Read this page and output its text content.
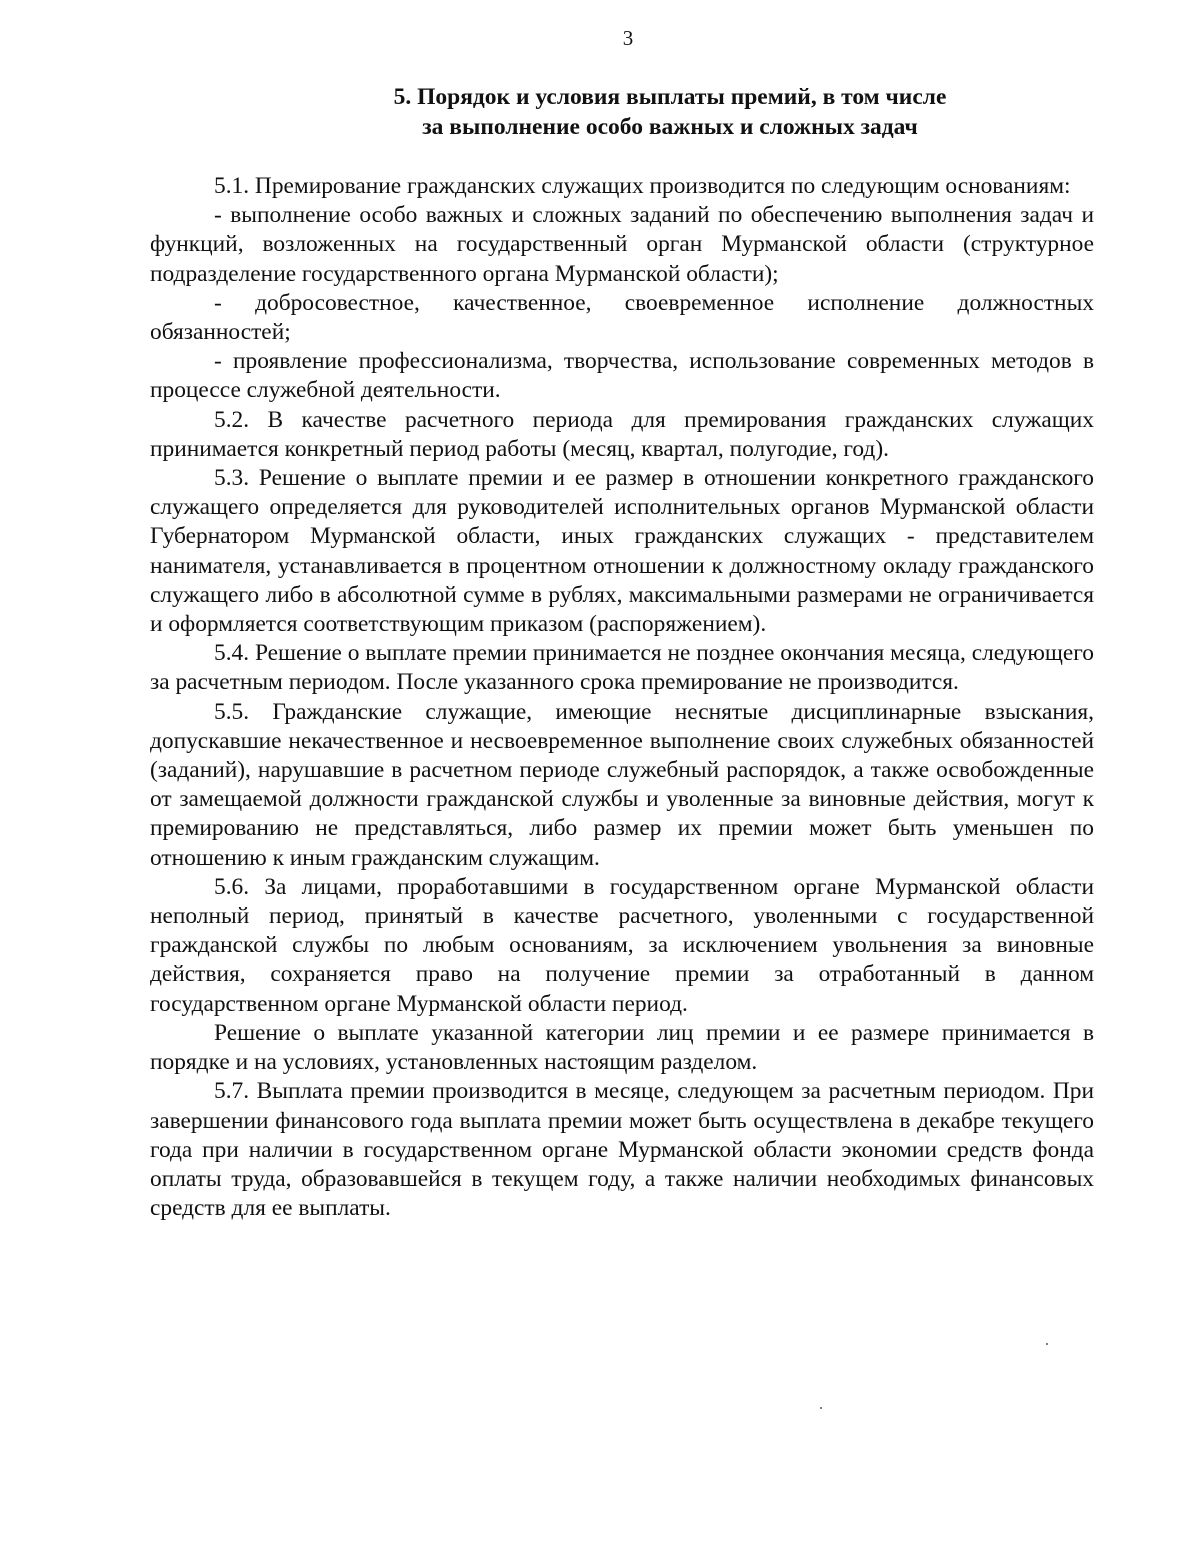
3
5. Порядок и условия выплаты премий, в том числе
за выполнение особо важных и сложных задач

5.1. Премирование гражданских служащих производится по следующим основаниям:

- выполнение особо важных и сложных заданий по обеспечению выполнения задач и функций, возложенных на государственный орган Мурманской области (структурное подразделение государственного органа Мурманской области);

- добросовестное, качественное, своевременное исполнение должностных обязанностей;

- проявление профессионализма, творчества, использование современных методов в процессе служебной деятельности.

5.2. В качестве расчетного периода для премирования гражданских служащих принимается конкретный период работы (месяц, квартал, полугодие, год).

5.3. Решение о выплате премии и ее размер в отношении конкретного гражданского служащего определяется для руководителей исполнительных органов Мурманской области Губернатором Мурманской области, иных гражданских служащих - представителем нанимателя, устанавливается в процентном отношении к должностному окладу гражданского служащего либо в абсолютной сумме в рублях, максимальными размерами не ограничивается и оформляется соответствующим приказом (распоряжением).

5.4. Решение о выплате премии принимается не позднее окончания месяца, следующего за расчетным периодом. После указанного срока премирование не производится.

5.5. Гражданские служащие, имеющие неснятые дисциплинарные взыскания, допускавшие некачественное и несвоевременное выполнение своих служебных обязанностей (заданий), нарушавшие в расчетном периоде служебный распорядок, а также освобожденные от замещаемой должности гражданской службы и уволенные за виновные действия, могут к премированию не представляться, либо размер их премии может быть уменьшен по отношению к иным гражданским служащим.

5.6. За лицами, проработавшими в государственном органе Мурманской области неполный период, принятый в качестве расчетного, уволенными с государственной гражданской службы по любым основаниям, за исключением увольнения за виновные действия, сохраняется право на получение премии за отработанный в данном государственном органе Мурманской области период.

Решение о выплате указанной категории лиц премии и ее размере принимается в порядке и на условиях, установленных настоящим разделом.

5.7. Выплата премии производится в месяце, следующем за расчетным периодом. При завершении финансового года выплата премии может быть осуществлена в декабре текущего года при наличии в государственном органе Мурманской области экономии средств фонда оплаты труда, образовавшейся в текущем году, а также наличии необходимых финансовых средств для ее выплаты.
